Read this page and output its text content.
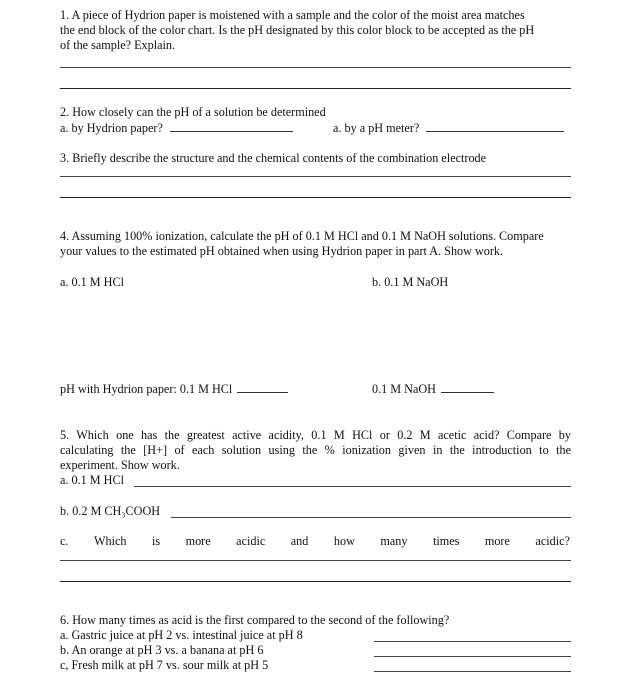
1. A piece of Hydrion paper is moistened with a sample and the color of the moist area matches
the end block of the color chart. Is the pH designated by this color block to be accepted as the pH
of the sample? Explain.
2. How closely can the pH of a solution be determined
a. by Hydrion paper?	a. by a pH meter?
3. Briefly describe the structure and the chemical contents of the combination electrode
4. Assuming 100% ionization, calculate the pH of 0.1 M HCl and 0.1 M NaOH solutions. Compare
your values to the estimated pH obtained when using Hydrion paper in part A. Show work.
a. 0.1 M HCl	b. 0.1 M NaOH
pH with Hydrion paper: 0.1 M HCl	0.1 M NaOH
5. Which one has the greatest active acidity, 0.1 M HCl or 0.2 M acetic acid? Compare by
calculating the [H+] of each solution using the % ionization given in the introduction to the
experiment. Show work.
a. 0.1 M HCl
b. 0.2 M CH₃COOH
c. Which is more acidic and how many times more acidic?
6. How many times as acid is the first compared to the second of the following?
a. Gastric juice at pH 2 vs. intestinal juice at pH 8
b. An orange at pH 3 vs. a banana at pH 6
c, Fresh milk at pH 7 vs. sour milk at pH 5
